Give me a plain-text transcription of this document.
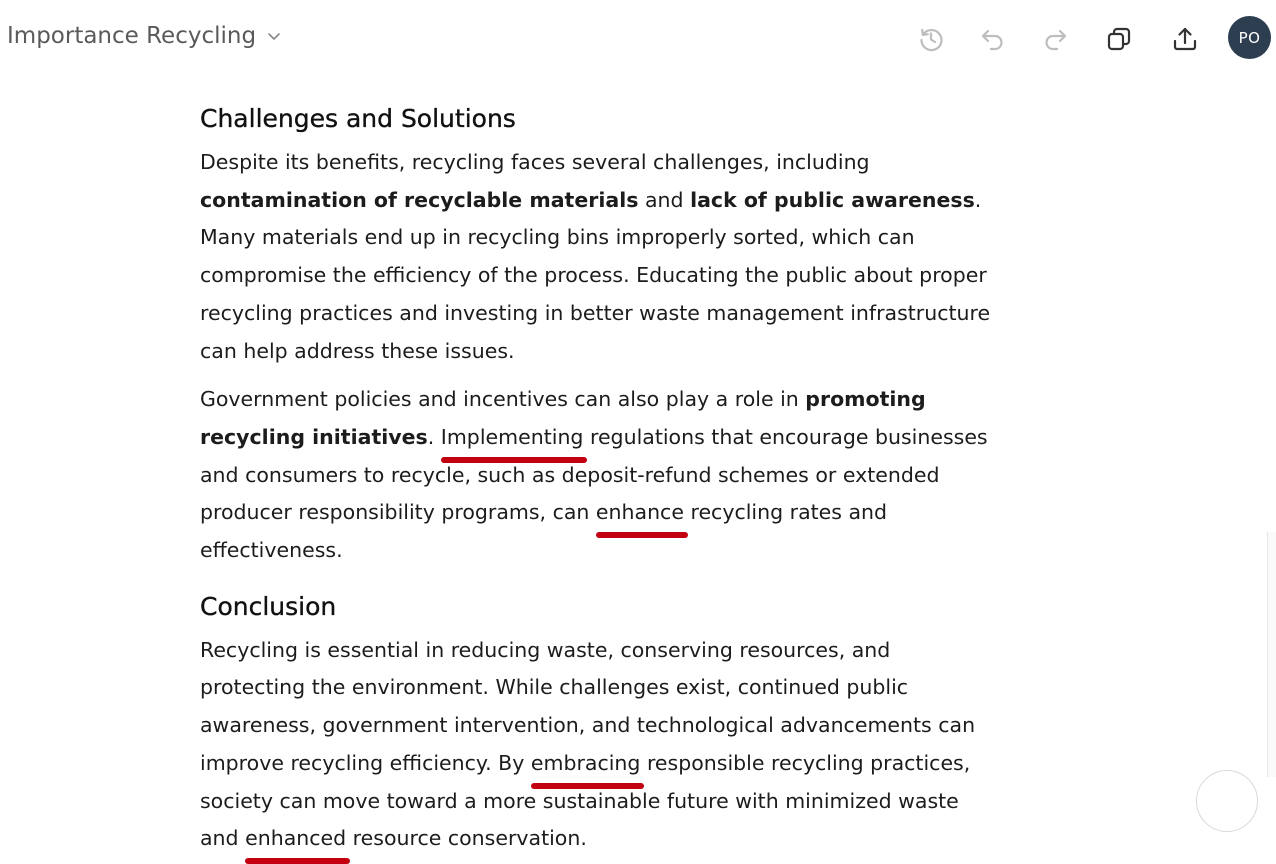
Importance Recycling	PO
Challenges and Solutions

Despite its benefits, recycling faces several challenges, including contamination of recyclable materials and lack of public awareness. Many materials end up in recycling bins improperly sorted, which can compromise the efficiency of the process. Educating the public about proper recycling practices and investing in better waste management infrastructure can help address these issues.

Government policies and incentives can also play a role in promoting recycling initiatives. Implementing regulations that encourage businesses and consumers to recycle, such as deposit-refund schemes or extended producer responsibility programs, can enhance recycling rates and effectiveness.

Conclusion

Recycling is essential in reducing waste, conserving resources, and protecting the environment. While challenges exist, continued public awareness, government intervention, and technological advancements can improve recycling efficiency. By embracing responsible recycling practices, society can move toward a more sustainable future with minimized waste and enhanced resource conservation.
